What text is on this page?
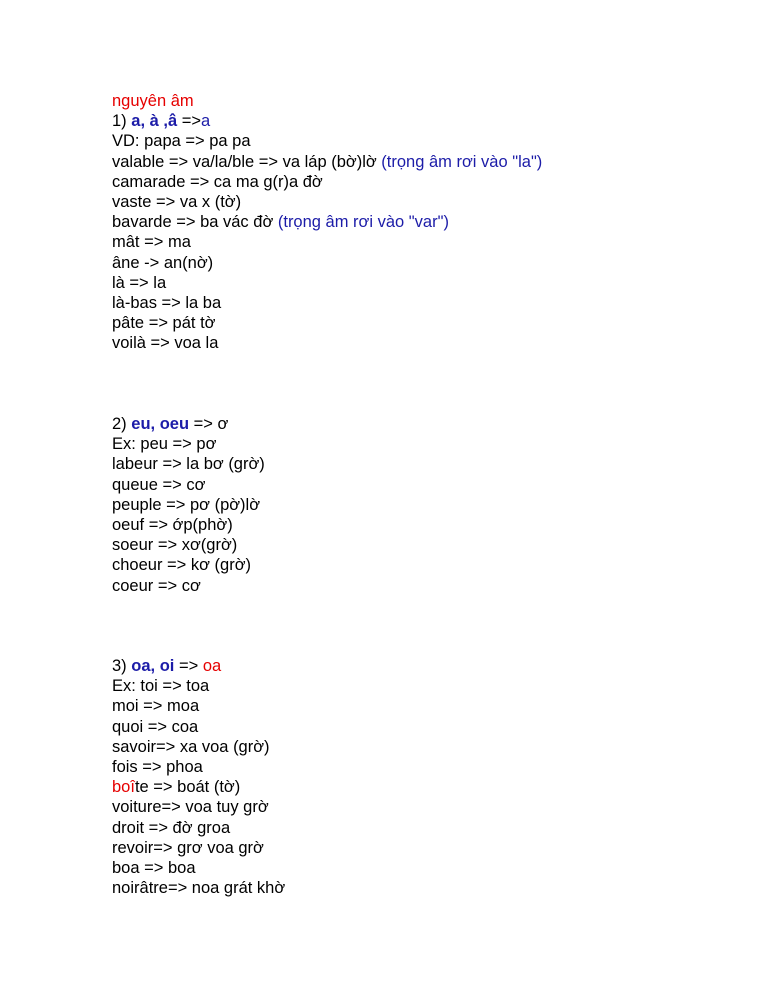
nguyên âm
1) a, à ,â =>a
VD: papa => pa pa
valable => va/la/ble => va láp (bờ)lờ (trọng âm rơi vào "la")
camarade => ca ma g(r)a đờ
vaste => va x (tờ)
bavarde => ba vác đờ (trọng âm rơi vào "var")
mât => ma
âne -> an(nờ)
là => la
là-bas => la ba
pâte => pát tờ
voilà => voa la
2) eu, oeu => ơ
Ex: peu => pơ
labeur => la bơ (grờ)
queue => cơ
peuple => pơ (pờ)lờ
oeuf => ớp(phờ)
soeur => xơ(grờ)
choeur => kơ (grờ)
coeur => cơ
3) oa, oi => oa
Ex: toi => toa
moi => moa
quoi => coa
savoir=> xa voa (grờ)
fois => phoa
boîte => boát (tờ)
voiture=> voa tuy grờ
droit => đờ groa
revoir=> grơ voa grờ
boa => boa
noirâtre=> noa grát khờ
